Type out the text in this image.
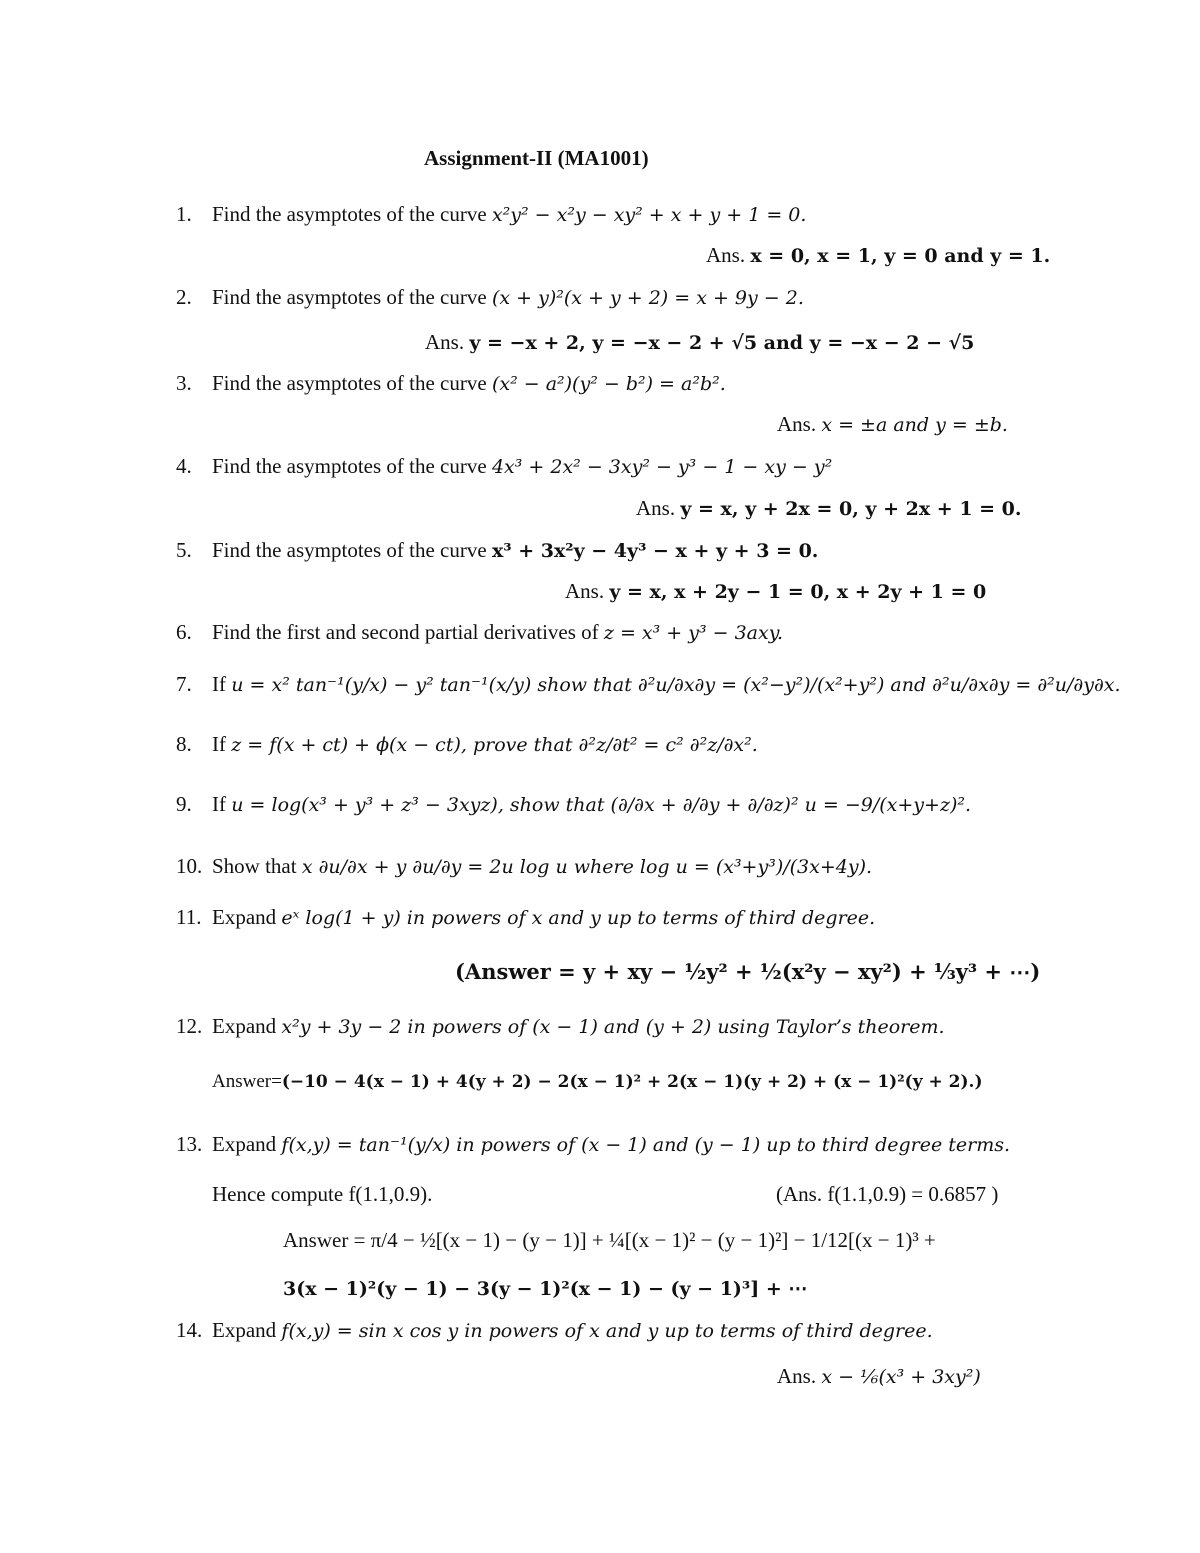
Assignment-II (MA1001)
1. Find the asymptotes of the curve x²y² − x²y − xy² + x + y + 1 = 0.
Ans. x = 0, x = 1, y = 0 and y = 1.
2. Find the asymptotes of the curve (x + y)²(x + y + 2) = x + 9y − 2.
Ans. y = −x + 2, y = −x − 2 + √5 and y = −x − 2 − √5
3. Find the asymptotes of the curve (x² − a²)(y² − b²) = a²b².
Ans. x = ±a and y = ±b.
4. Find the asymptotes of the curve 4x³ + 2x² − 3xy² − y³ − 1 − xy − y²
Ans. y = x, y + 2x = 0, y + 2x + 1 = 0.
5. Find the asymptotes of the curve x³ + 3x²y − 4y³ − x + y + 3 = 0.
Ans. y = x, x + 2y − 1 = 0, x + 2y + 1 = 0
6. Find the first and second partial derivatives of z = x³ + y³ − 3axy.
7. If u = x² tan⁻¹(y/x) − y² tan⁻¹(x/y) show that ∂²u/∂x∂y = (x²−y²)/(x²+y²) and ∂²u/∂x∂y = ∂²u/∂y∂x.
8. If z = f(x + ct) + ϕ(x − ct), prove that ∂²z/∂t² = c² ∂²z/∂x².
9. If u = log(x³ + y³ + z³ − 3xyz), show that (∂/∂x + ∂/∂y + ∂/∂z)² u = −9/(x+y+z)².
10. Show that x ∂u/∂x + y ∂u/∂y = 2u log u where log u = (x³+y³)/(3x+4y).
11. Expand eˣ log(1 + y) in powers of x and y up to terms of third degree.
(Answer = y + xy − ½y² + ½(x²y − xy²) + ⅓y³ + ⋯)
12. Expand x²y + 3y − 2 in powers of (x − 1) and (y + 2) using Taylor’s theorem.
Answer=(−10 − 4(x − 1) + 4(y + 2) − 2(x − 1)² + 2(x − 1)(y + 2) + (x − 1)²(y + 2).)
13. Expand f(x,y) = tan⁻¹(y/x) in powers of (x − 1) and (y − 1) up to third degree terms.
Hence compute f(1.1,0.9).	(Ans. f(1.1,0.9) = 0.6857 )
Answer = π/4 − ½[(x − 1) − (y − 1)] + ¼[(x − 1)² − (y − 1)²] − 1/12[(x − 1)³ +
3(x − 1)²(y − 1) − 3(y − 1)²(x − 1) − (y − 1)³] + ⋯
14. Expand f(x,y) = sin x cos y in powers of x and y up to terms of third degree.
Ans. x − ⅙(x³ + 3xy²)
